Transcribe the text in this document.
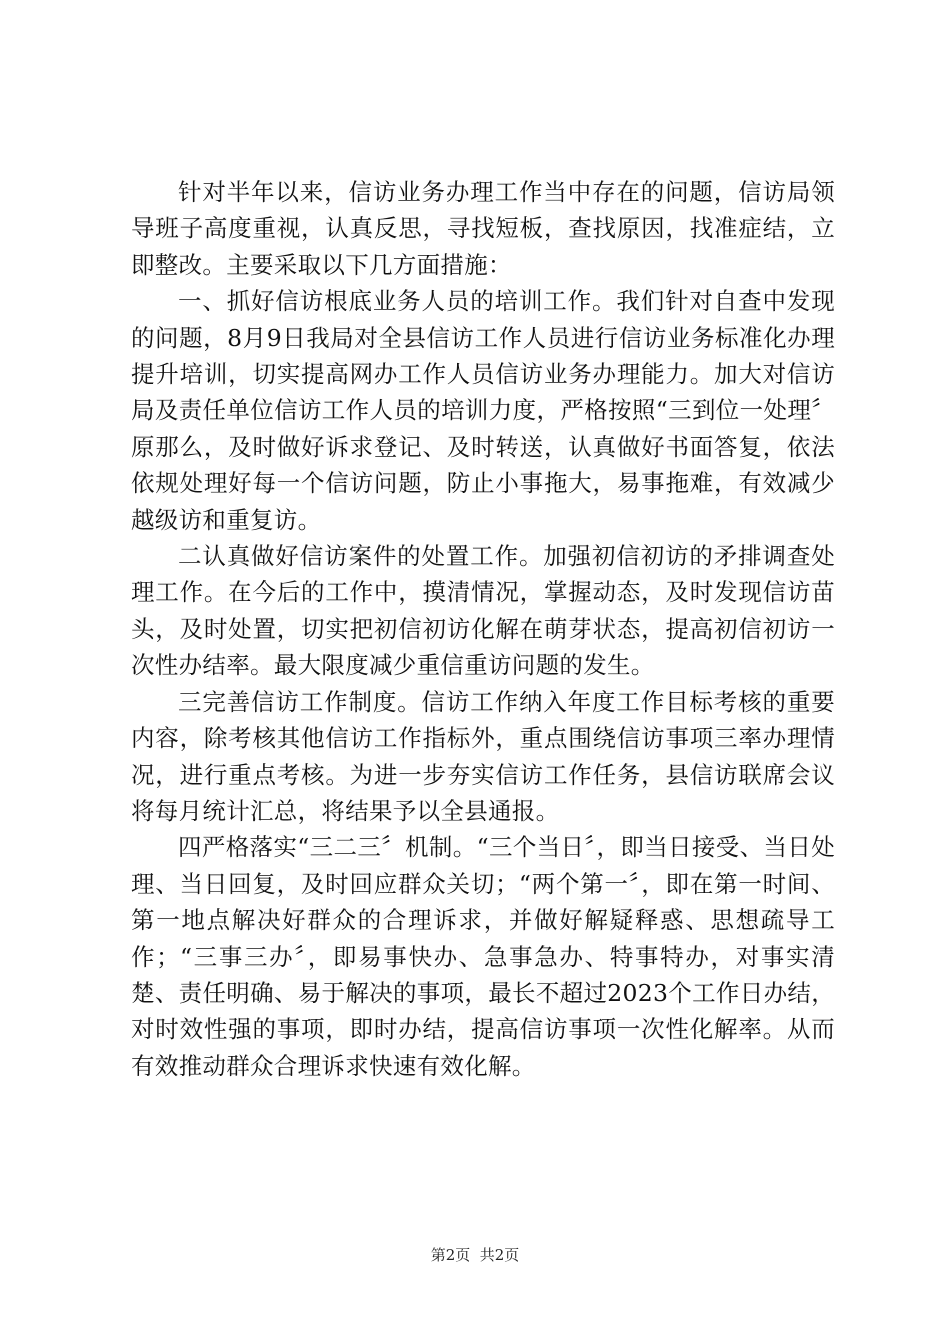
针对半年以来，信访业务办理工作当中存在的问题，信访局领导班子高度重视，认真反思，寻找短板，查找原因，找准症结，立即整改。主要采取以下几方面措施：

一、抓好信访根底业务人员的培训工作。我们针对自查中发现的问题，8月9日我局对全县信访工作人员进行信访业务标准化办理提升培训，切实提高网办工作人员信访业务办理能力。加大对信访局及责任单位信访工作人员的培训力度，严格按照“三到位一处理〞原那么，及时做好诉求登记、及时转送，认真做好书面答复，依法依规处理好每一个信访问题，防止小事拖大，易事拖难，有效减少越级访和重复访。

二认真做好信访案件的处置工作。加强初信初访的矛排调查处理工作。在今后的工作中，摸清情况，掌握动态，及时发现信访苗头，及时处置，切实把初信初访化解在萌芽状态，提高初信初访一次性办结率。最大限度减少重信重访问题的发生。

三完善信访工作制度。信访工作纳入年度工作目标考核的重要内容，除考核其他信访工作指标外，重点围绕信访事项三率办理情况，进行重点考核。为进一步夯实信访工作任务，县信访联席会议将每月统计汇总，将结果予以全县通报。

四严格落实“三二三〞机制。“三个当日〞，即当日接受、当日处理、当日回复，及时回应群众关切；“两个第一〞，即在第一时间、第一地点解决好群众的合理诉求，并做好解疑释惑、思想疏导工作；“三事三办〞，即易事快办、急事急办、特事特办，对事实清楚、责任明确、易于解决的事项，最长不超过2023个工作日办结，对时效性强的事项，即时办结，提高信访事项一次性化解率。从而有效推动群众合理诉求快速有效化解。

第2页  共2页
